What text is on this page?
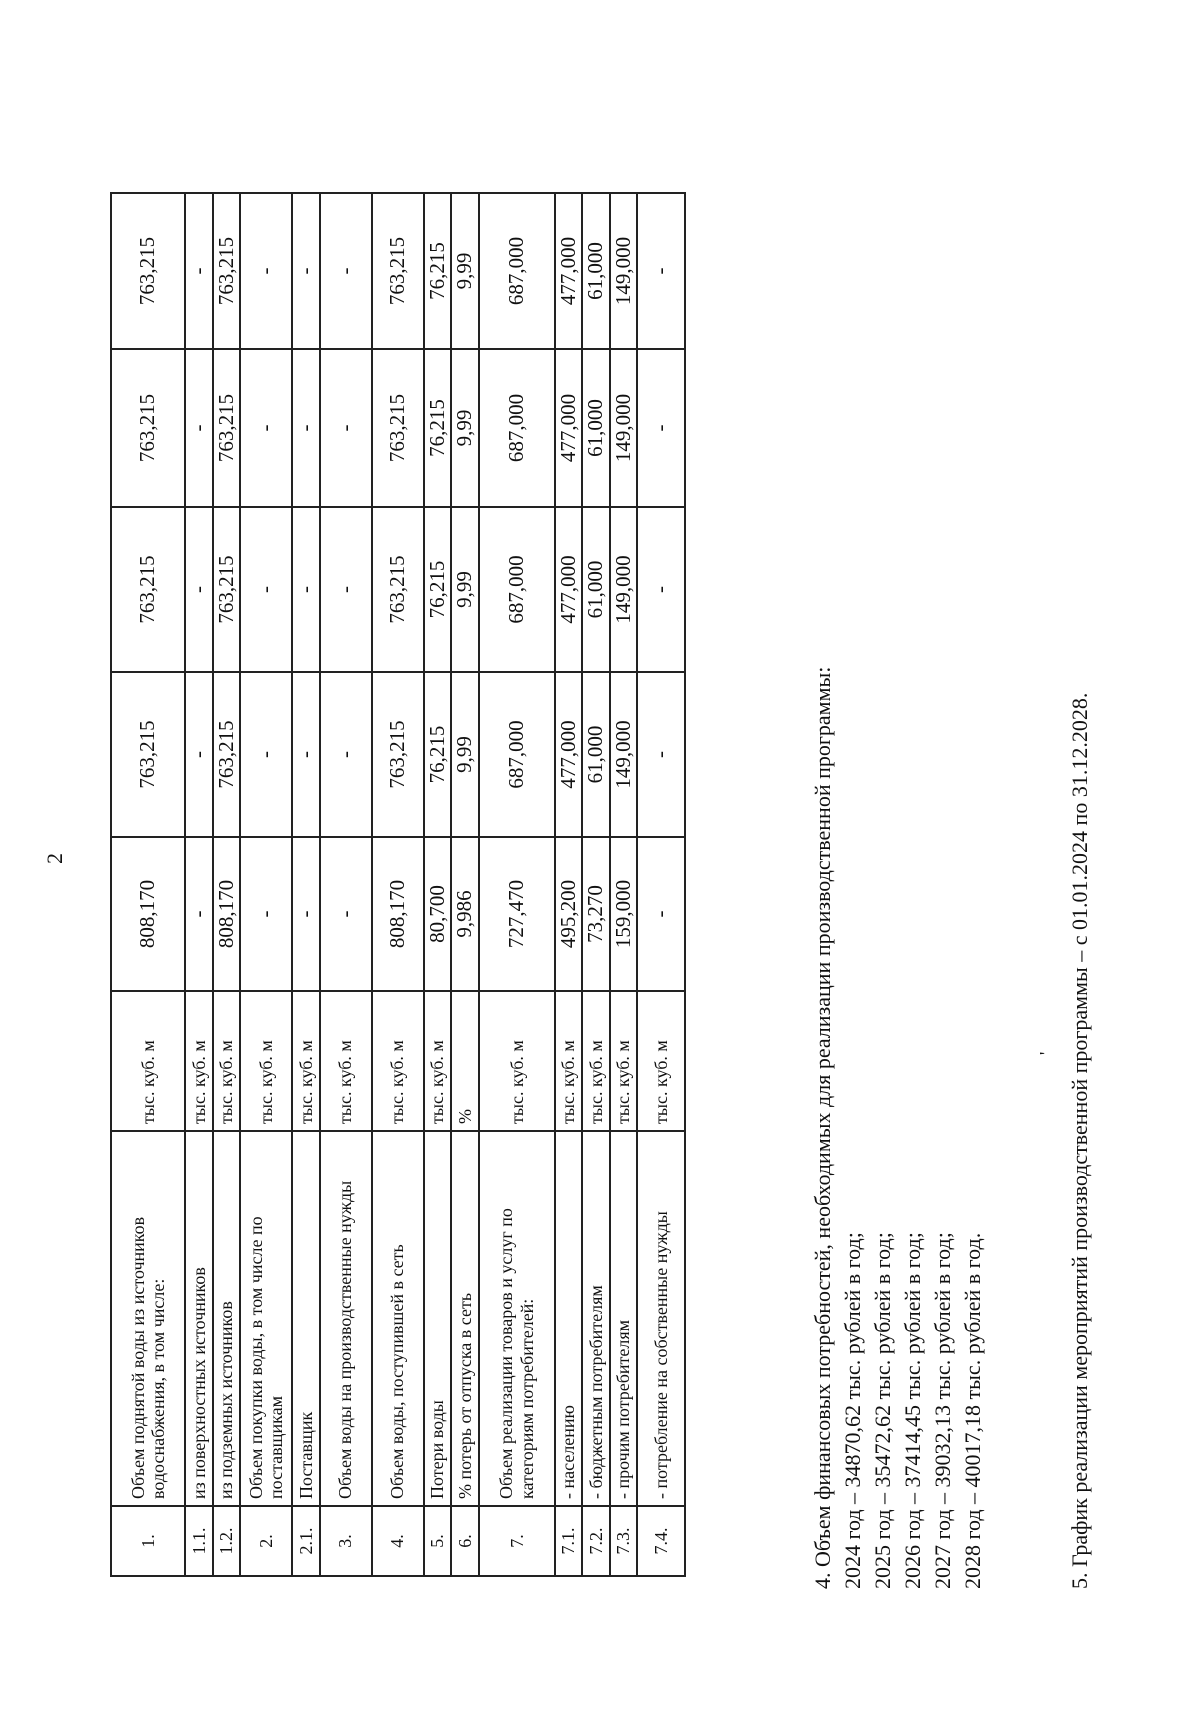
2
1.	Объем поднятой воды из источников водоснабжения, в том числе:	тыс. куб. м	808,170	763,215	763,215	763,215	763,215
1.1.	из поверхностных источников	тыс. куб. м	-	-	-	-	-
1.2.	из подземных источников	тыс. куб. м	808,170	763,215	763,215	763,215	763,215
2.	Объем покупки воды, в том числе по поставщикам	тыс. куб. м	-	-	-	-	-
2.1.	Поставщик	тыс. куб. м	-	-	-	-	-
3.	Объем воды на производственные нужды	тыс. куб. м	-	-	-	-	-
4.	Объем воды, поступившей в сеть	тыс. куб. м	808,170	763,215	763,215	763,215	763,215
5.	Потери воды	тыс. куб. м	80,700	76,215	76,215	76,215	76,215
6.	% потерь от отпуска в сеть	%	9,986	9,99	9,99	9,99	9,99
7.	Объем реализации товаров и услуг по категориям потребителей:	тыс. куб. м	727,470	687,000	687,000	687,000	687,000
7.1.	- населению	тыс. куб. м	495,200	477,000	477,000	477,000	477,000
7.2.	- бюджетным потребителям	тыс. куб. м	73,270	61,000	61,000	61,000	61,000
7.3.	- прочим потребителям	тыс. куб. м	159,000	149,000	149,000	149,000	149,000
7.4.	- потребление на собственные нужды	тыс. куб. м	-	-	-	-	-

4. Объем финансовых потребностей, необходимых для реализации производственной программы: 2024 год – 34870,62 тыс. рублей в год; 2025 год – 35472,62 тыс. рублей в год; 2026 год – 37414,45 тыс. рублей в год; 2027 год – 39032,13 тыс. рублей в год; 2028 год – 40017,18 тыс. рублей в год.

' 5. График реализации мероприятий производственной программы – с 01.01.2024 по 31.12.2028.
